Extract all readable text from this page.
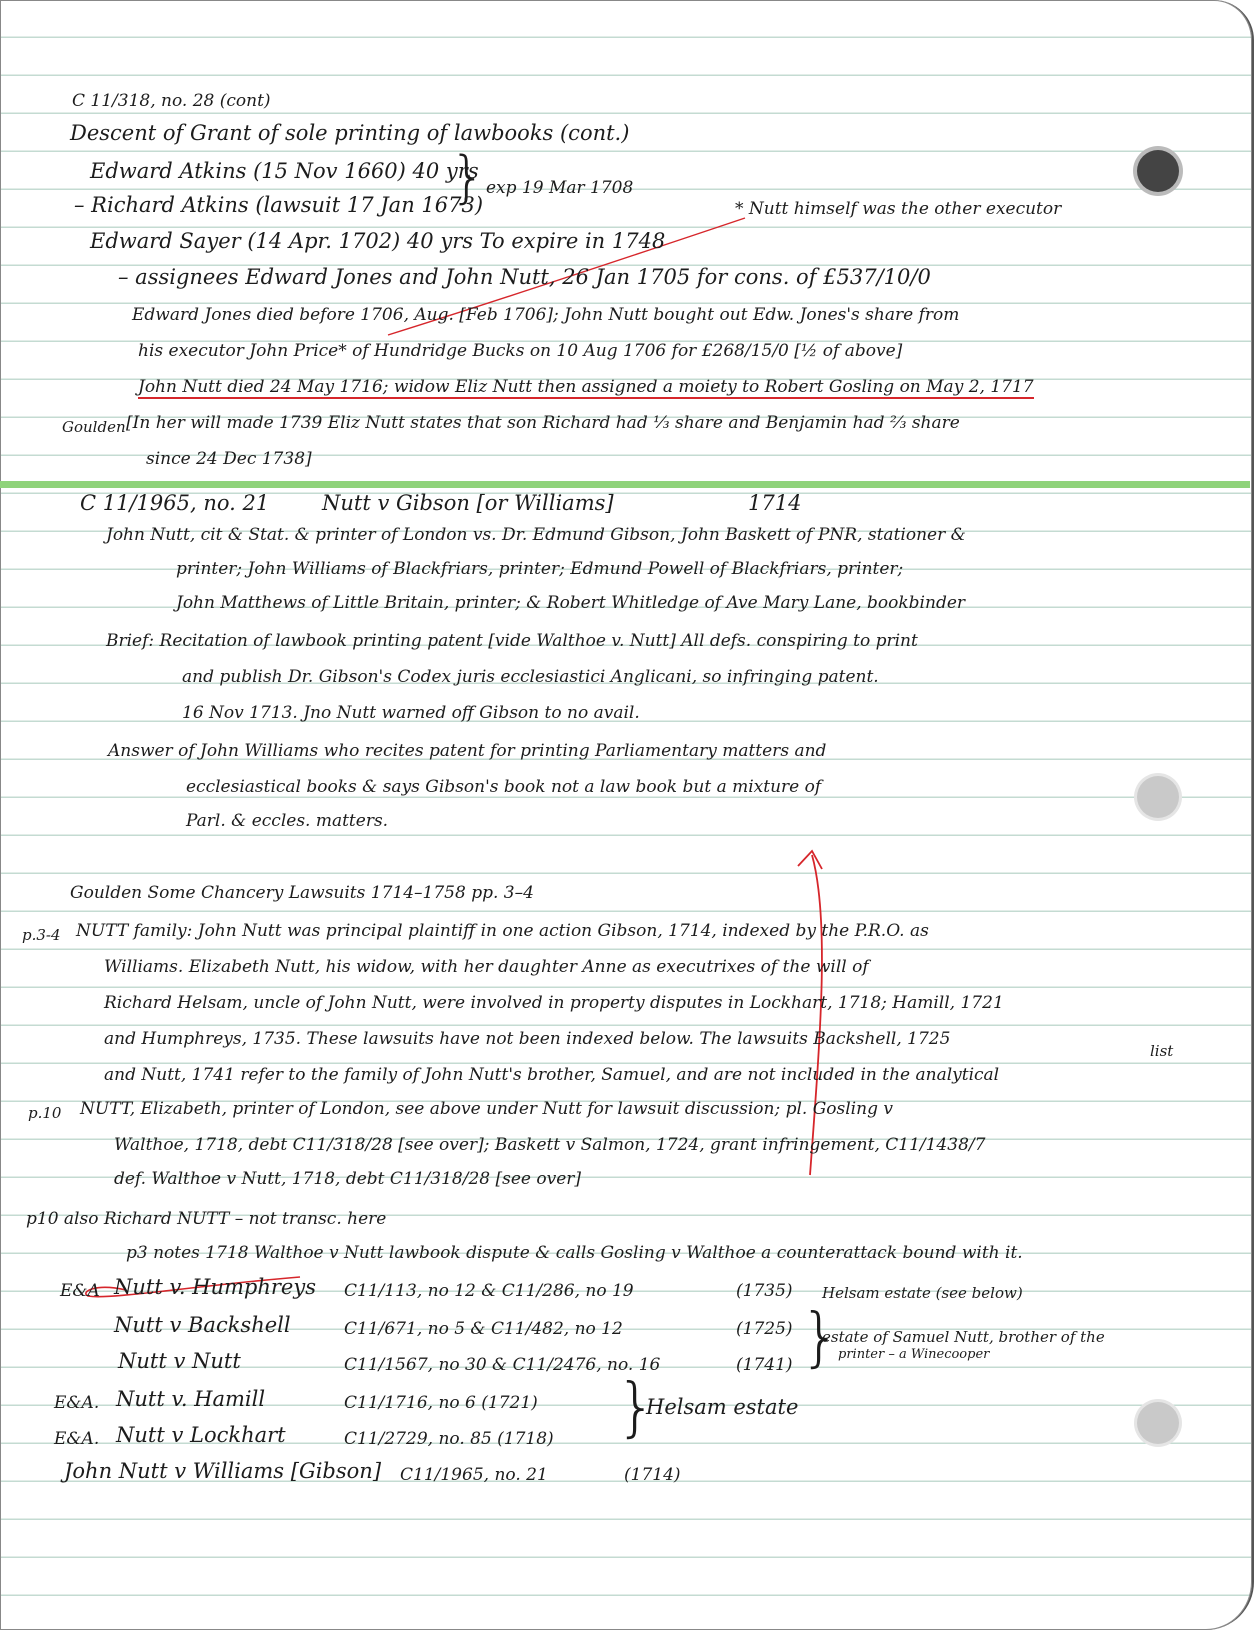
C 11/318, no. 28 (cont)
Descent of Grant of sole printing of lawbooks (cont.)
Edward Atkins (15 Nov 1660) 40 yrs
} exp 19 Mar 1708
– Richard Atkins (lawsuit 17 Jan 1673)	* Nutt himself was the other executor
Edward Sayer (14 Apr. 1702) 40 yrs To expire in 1748
– assignees Edward Jones and John Nutt, 26 Jan 1705 for cons. of £537/10/0
Edward Jones died before 1706, Aug. [Feb 1706]; John Nutt bought out Edw. Jones's share from
his executor John Price* of Hundridge Bucks on 10 Aug 1706 for £268/15/0 [½ of above]
John Nutt died 24 May 1716; widow Eliz Nutt then assigned a moiety to Robert Gosling on May 2, 1717
Goulden [In her will made 1739 Eliz Nutt states that son Richard had ⅓ share and Benjamin had ⅔ share
since 24 Dec 1738]
C 11/1965, no. 21	Nutt v Gibson [or Williams]	1714
John Nutt, cit & Stat. & printer of London vs. Dr. Edmund Gibson, John Baskett of PNR, stationer &
printer; John Williams of Blackfriars, printer; Edmund Powell of Blackfriars, printer;
John Matthews of Little Britain, printer; & Robert Whitledge of Ave Mary Lane, bookbinder
Brief: Recitation of lawbook printing patent [vide Walthoe v. Nutt] All defs. conspiring to print
and publish Dr. Gibson's Codex juris ecclesiastici Anglicani, so infringing patent.
16 Nov 1713. Jno Nutt warned off Gibson to no avail.
Answer of John Williams who recites patent for printing Parliamentary matters and
ecclesiastical books & says Gibson's book not a law book but a mixture of
Parl. & eccles. matters.
Goulden Some Chancery Lawsuits 1714–1758 pp. 3–4
p.3-4 NUTT family: John Nutt was principal plaintiff in one action Gibson, 1714, indexed by the P.R.O. as
Williams. Elizabeth Nutt, his widow, with her daughter Anne as executrixes of the will of
Richard Helsam, uncle of John Nutt, were involved in property disputes in Lockhart, 1718; Hamill, 1721
and Humphreys, 1735. These lawsuits have not been indexed below. The lawsuits Backshell, 1725
list
and Nutt, 1741 refer to the family of John Nutt's brother, Samuel, and are not included in the analytical
p.10 NUTT, Elizabeth, printer of London, see above under Nutt for lawsuit discussion; pl. Gosling v
Walthoe, 1718, debt C11/318/28 [see over]; Baskett v Salmon, 1724, grant infringement, C11/1438/7
def. Walthoe v Nutt, 1718, debt C11/318/28 [see over]
p10 also Richard NUTT – not transc. here
p3 notes 1718 Walthoe v Nutt lawbook dispute & calls Gosling v Walthoe a counterattack bound with it.
E&A Nutt v. Humphreys C11/113, no 12 & C11/286, no 19	(1735) Helsam estate (see below)
Nutt v Backshell	C11/671, no 5 & C11/482, no 12	(1725) }
estate of Samuel Nutt, brother of the
printer – a Winecooper
Nutt v Nutt	C11/1567, no 30 & C11/2476, no. 16	(1741)
E&A. Nutt v. Hamill	C11/1716, no 6 (1721) }
Helsam estate
E&A. Nutt v Lockhart	C11/2729, no. 85 (1718)
John Nutt v Williams [Gibson] C11/1965, no. 21	(1714)
